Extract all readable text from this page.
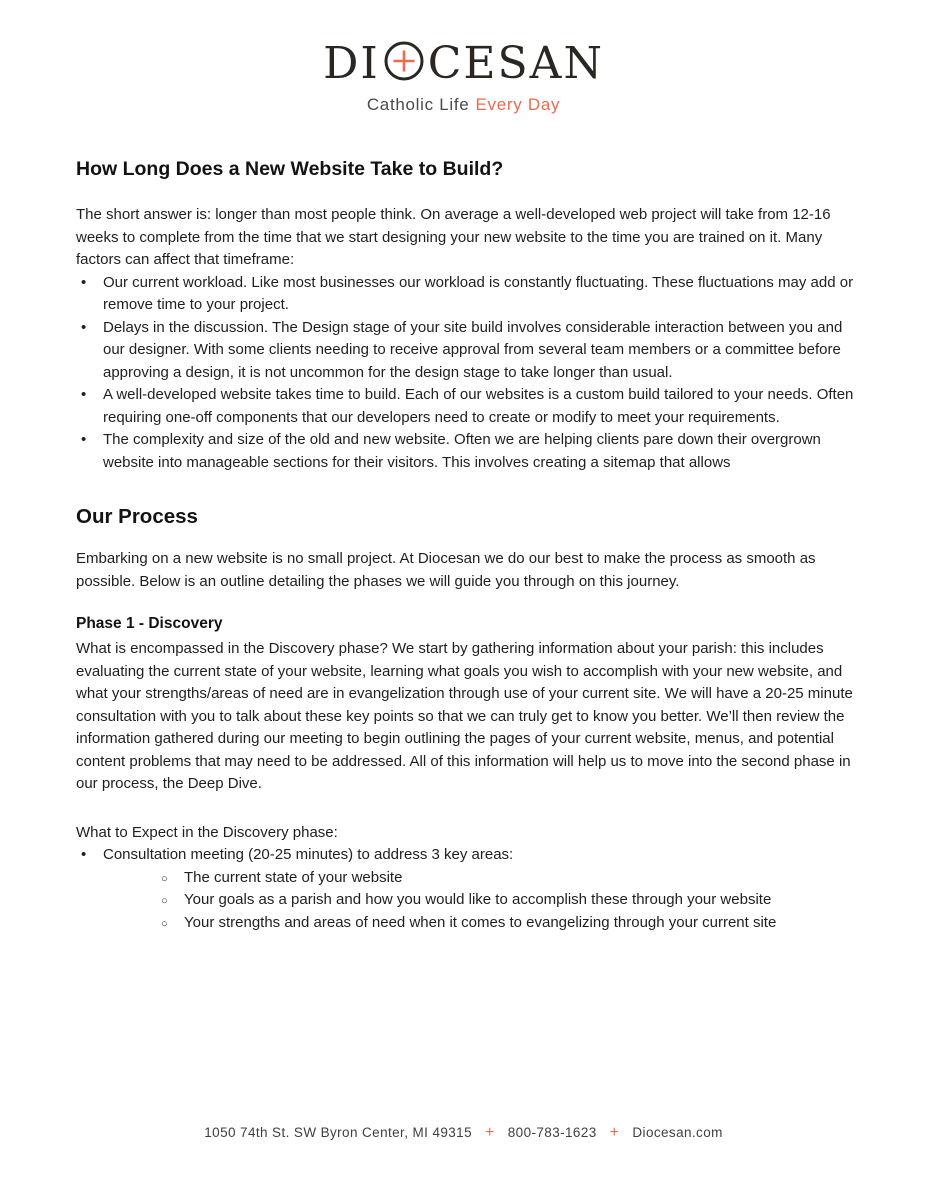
DI CESAN
Catholic Life Every Day
How Long Does a New Website Take to Build?

The short answer is: longer than most people think. On average a well-developed web project will take from 12-16 weeks to complete from the time that we start designing your new website to the time you are trained on it. Many factors can affect that timeframe:

• Our current workload. Like most businesses our workload is constantly fluctuating. These fluctuations may add or remove time to your project.
• Delays in the discussion. The Design stage of your site build involves considerable interaction between you and our designer. With some clients needing to receive approval from several team members or a committee before approving a design, it is not uncommon for the design stage to take longer than usual.
• A well-developed website takes time to build. Each of our websites is a custom build tailored to your needs. Often requiring one-off components that our developers need to create or modify to meet your requirements.
• The complexity and size of the old and new website. Often we are helping clients pare down their overgrown website into manageable sections for their visitors. This involves creating a sitemap that allows
Our Process

Embarking on a new website is no small project. At Diocesan we do our best to make the process as smooth as possible. Below is an outline detailing the phases we will guide you through on this journey.

Phase 1 - Discovery

What is encompassed in the Discovery phase? We start by gathering information about your parish: this includes evaluating the current state of your website, learning what goals you wish to accomplish with your new website, and what your strengths/areas of need are in evangelization through use of your current site. We will have a 20-25 minute consultation with you to talk about these key points so that we can truly get to know you better. We’ll then review the information gathered during our meeting to begin outlining the pages of your current website, menus, and potential content problems that may need to be addressed. All of this information will help us to move into the second phase in our process, the Deep Dive.

What to Expect in the Discovery phase:

• Consultation meeting (20-25 minutes) to address 3 key areas:
○ The current state of your website
○ Your goals as a parish and how you would like to accomplish these through your website
○ Your strengths and areas of need when it comes to evangelizing through your current site
1050 74th St. SW Byron Center, MI 49315 + 800-783-1623 + Diocesan.com
